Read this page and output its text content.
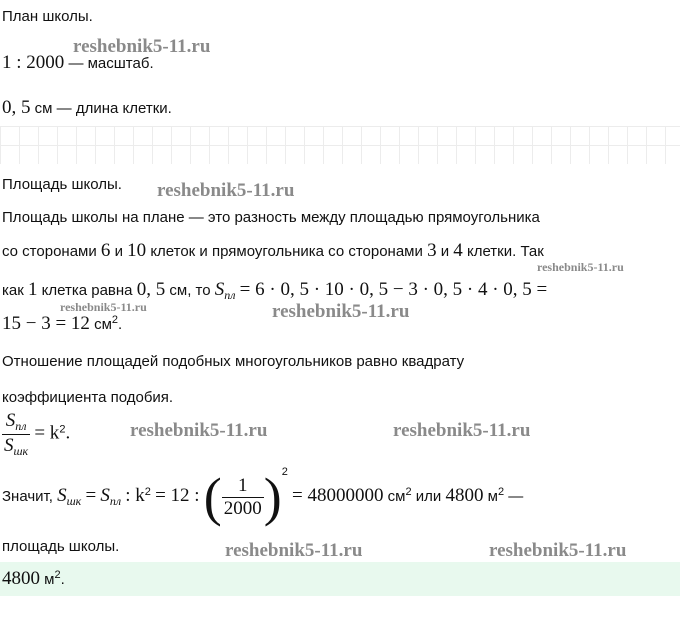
reshebnik5-11.ru
reshebnik5-11.ru
reshebnik5-11.ru
reshebnik5-11.ru	reshebnik5-11.ru
reshebnik5-11.ru	reshebnik5-11.ru
reshebnik5-11.ru	reshebnik5-11.ru
План школы.
1 : 2000 — масштаб.
0, 5 см — длина клетки.
Площадь школы.
Площадь школы на плане — это разность между площадью прямоугольника
со сторонами 6 и 10 клеток и прямоугольника со сторонами 3 и 4 клетки. Так
как 1 клетка равна 0, 5 см, то $S_{пл} = 6 \cdot 0$, 5 · 10 · 0, 5 − 3 · 0, 5 · 4 · 0, 5 =
15 − 3 = 12 $см^2$.
Отношение площадей подобных многоугольников равно квадрату
коэффициента подобия.
$\frac{S_{пл}}{S_{шк}} = k^2$.
Значит, $S_{шк} = S_{пл}$ : $k^2 = 12$ : ( $\frac{1}{2000} )^2 = 48000000$ $см^2$ или 4800 $м^2$ —
площадь школы.
4800 $м^2$.
